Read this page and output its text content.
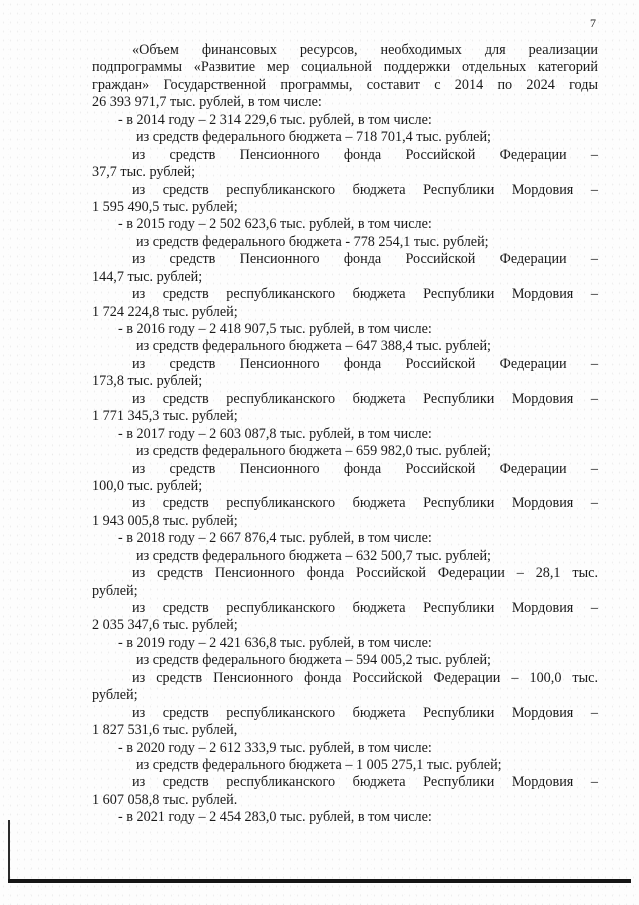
7
«Объем финансовых ресурсов, необходимых для реализации
подпрограммы «Развитие мер социальной поддержки отдельных категорий
граждан» Государственной программы, составит с 2014 по 2024 годы
26 393 971,7 тыс. рублей, в том числе:
- в 2014 году – 2 314 229,6 тыс. рублей, в том числе:
из средств федерального бюджета – 718 701,4 тыс. рублей;
из средств Пенсионного фонда Российской Федерации –
37,7 тыс. рублей;
из средств республиканского бюджета Республики Мордовия –
1 595 490,5 тыс. рублей;
- в 2015 году – 2 502 623,6 тыс. рублей, в том числе:
из средств федерального бюджета - 778 254,1 тыс. рублей;
из средств Пенсионного фонда Российской Федерации –
144,7 тыс. рублей;
из средств республиканского бюджета Республики Мордовия –
1 724 224,8 тыс. рублей;
- в 2016 году – 2 418 907,5 тыс. рублей, в том числе:
из средств федерального бюджета – 647 388,4 тыс. рублей;
из средств Пенсионного фонда Российской Федерации –
173,8 тыс. рублей;
из средств республиканского бюджета Республики Мордовия –
1 771 345,3 тыс. рублей;
- в 2017 году – 2 603 087,8 тыс. рублей, в том числе:
из средств федерального бюджета – 659 982,0 тыс. рублей;
из средств Пенсионного фонда Российской Федерации –
100,0 тыс. рублей;
из средств республиканского бюджета Республики Мордовия –
1 943 005,8 тыс. рублей;
- в 2018 году – 2 667 876,4 тыс. рублей, в том числе:
из средств федерального бюджета – 632 500,7 тыс. рублей;
из средств Пенсионного фонда Российской Федерации – 28,1 тыс.
рублей;
из средств республиканского бюджета Республики Мордовия –
2 035 347,6 тыс. рублей;
- в 2019 году – 2 421 636,8 тыс. рублей, в том числе:
из средств федерального бюджета – 594 005,2 тыс. рублей;
из средств Пенсионного фонда Российской Федерации – 100,0 тыс.
рублей;
из средств республиканского бюджета Республики Мордовия –
1 827 531,6 тыс. рублей,
- в 2020 году – 2 612 333,9 тыс. рублей, в том числе:
из средств федерального бюджета – 1 005 275,1 тыс. рублей;
из средств республиканского бюджета Республики Мордовия –
1 607 058,8 тыс. рублей.
- в 2021 году – 2 454 283,0 тыс. рублей, в том числе:
